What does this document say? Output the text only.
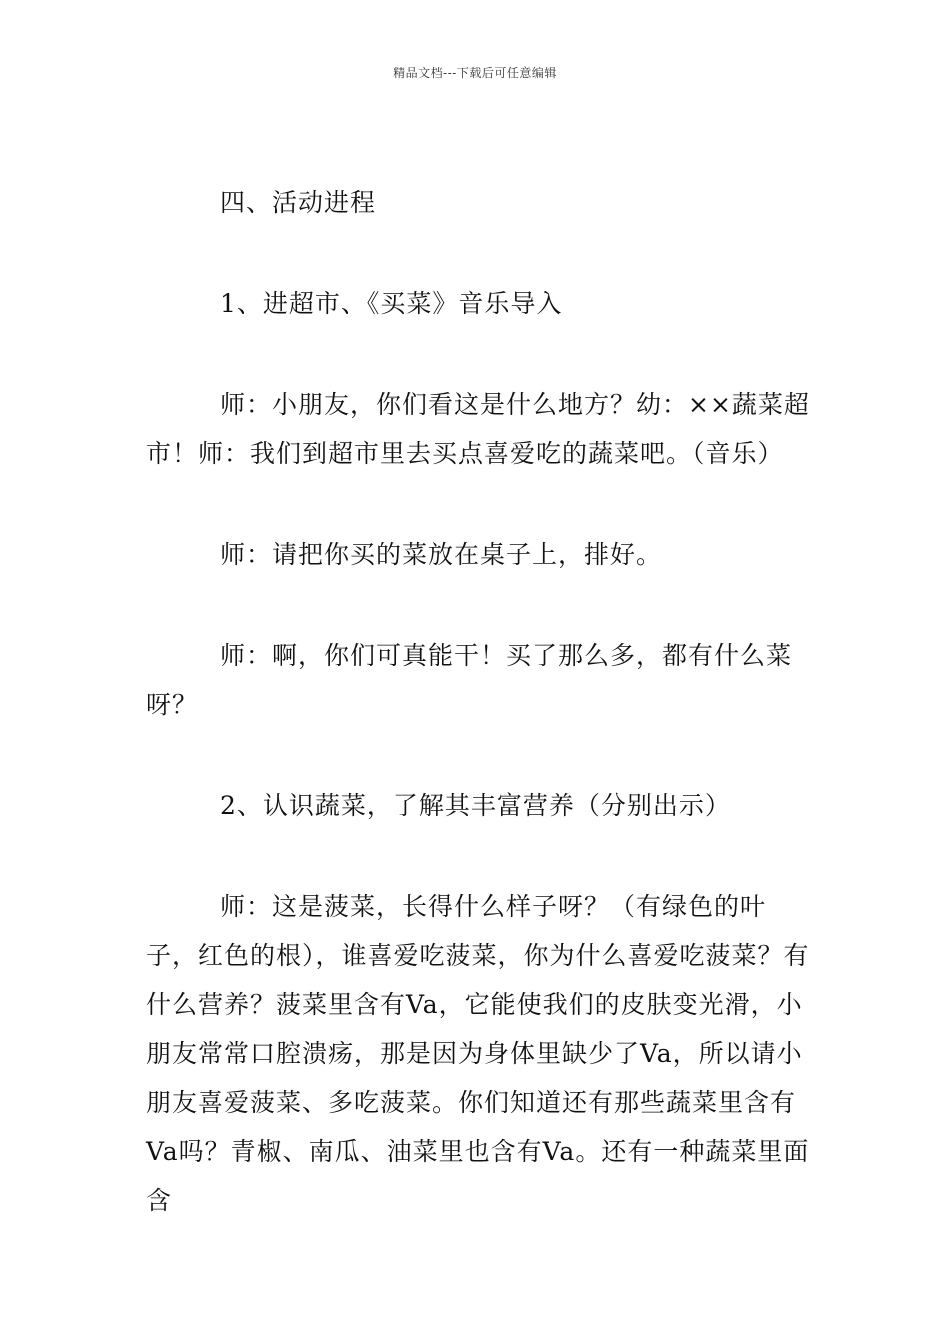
精品文档---下载后可任意编辑

四、活动进程

1、进超市、《买菜》音乐导入

师：小朋友，你们看这是什么地方？幼：××蔬菜超市！师：我们到超市里去买点喜爱吃的蔬菜吧。（音乐）

师：请把你买的菜放在桌子上，排好。

师：啊，你们可真能干！买了那么多，都有什么菜呀？

2、认识蔬菜，了解其丰富营养（分别出示）

师：这是菠菜，长得什么样子呀？（有绿色的叶子，红色的根），谁喜爱吃菠菜，你为什么喜爱吃菠菜？有什么营养？菠菜里含有Va，它能使我们的皮肤变光滑，小朋友常常口腔溃疡，那是因为身体里缺少了Va，所以请小朋友喜爱菠菜、多吃菠菜。你们知道还有那些蔬菜里含有Va吗？青椒、南瓜、油菜里也含有Va。还有一种蔬菜里面含
